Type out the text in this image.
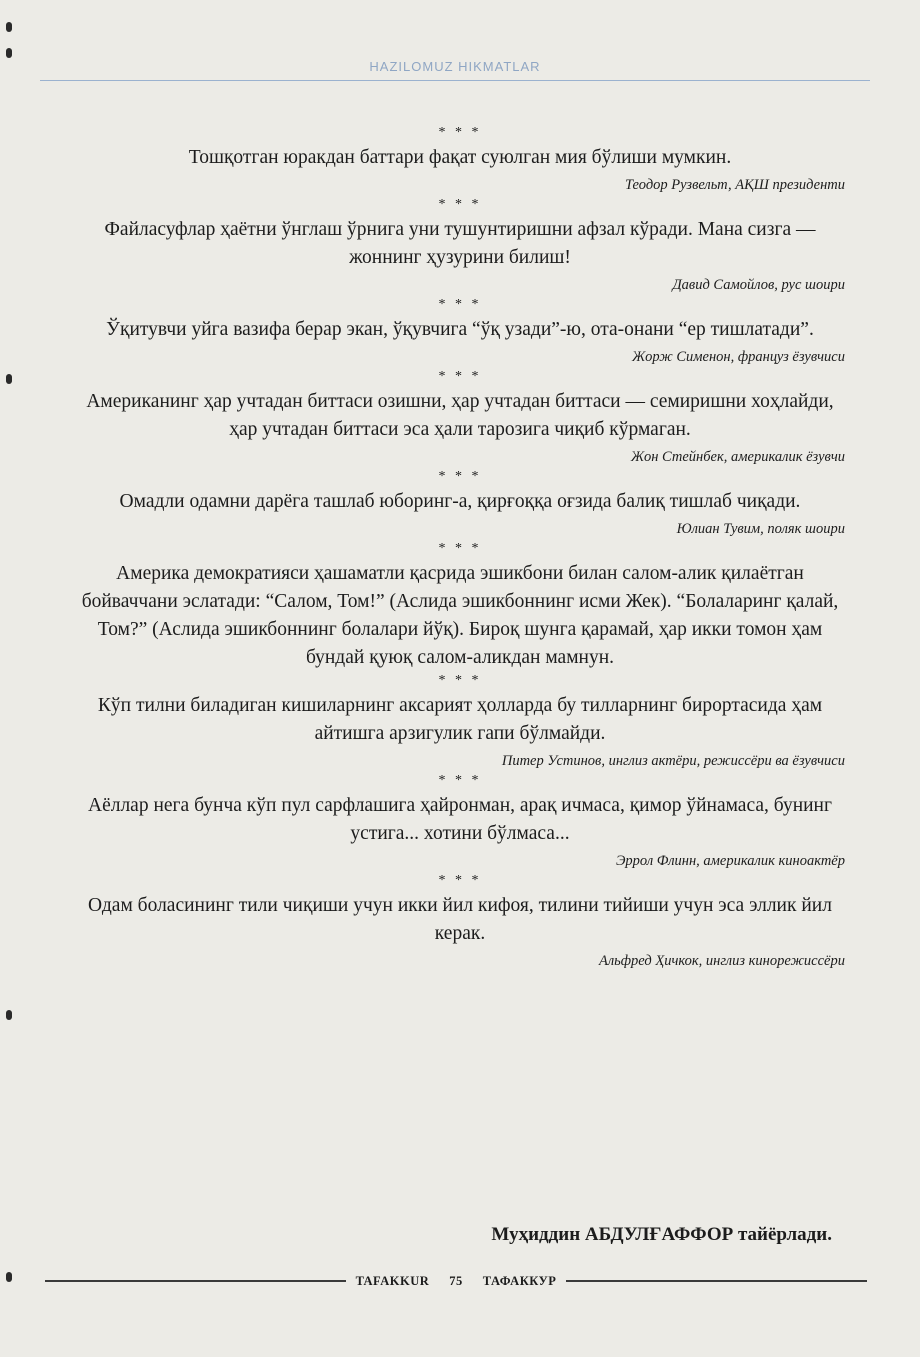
HAZILOMUZ HIKMATLAR
* * *
Тошқотган юракдан баттари фақат суюлган мия бўлиши мумкин.
Теодор Рузвельт, АҚШ президенти
* * *
Файласуфлар ҳаётни ўнглаш ўрнига уни тушунтиришни афзал кўради. Мана сизга — жоннинг ҳузурини билиш!
Давид Самойлов, рус шоири
* * *
Ўқитувчи уйга вазифа берар экан, ўқувчига “ўқ узади”-ю, ота-онани “ер тишлатади”.
Жорж Сименон, француз ёзувчиси
* * *
Американинг ҳар учтадан биттаси озишни, ҳар учтадан биттаси — семиришни хоҳлайди, ҳар учтадан биттаси эса ҳали тарозига чиқиб кўрмаган.
Жон Стейнбек, америкалик ёзувчи
* * *
Омадли одамни дарёга ташлаб юборинг-а, қирғоққа оғзида балиқ тишлаб чиқади.
Юлиан Тувим, поляк шоири
* * *
Америка демократияси ҳашаматли қасрида эшикбони билан салом-алик қилаётган бойваччани эслатади: “Салом, Том!” (Аслида эшикбоннинг исми Жек). “Болаларинг қалай, Том?” (Аслида эшикбоннинг болалари йўқ). Бироқ шунга қарамай, ҳар икки томон ҳам бундай қуюқ салом-аликдан мамнун.
* * *
Кўп тилни биладиган кишиларнинг аксарият ҳолларда бу тилларнинг бирортасида ҳам айтишга арзигулик гапи бўлмайди.
Питер Устинов, инглиз актёри, режиссёри ва ёзувчиси
* * *
Аёллар нега бунча кўп пул сарфлашига ҳайронман, арақ ичмаса, қимор ўйнамаса, бунинг устига... хотини бўлмаса...
Эррол Флинн, америкалик киноактёр
* * *
Одам боласининг тили чиқиши учун икки йил кифоя, тилини тийиши учун эса эллик йил керак.
Альфред Ҳичкок, инглиз кинорежиссёри
Муҳиддин АБДУЛҒАФФОР тайёрлади.
TAFAKKUR	75	ТАФАККУР
